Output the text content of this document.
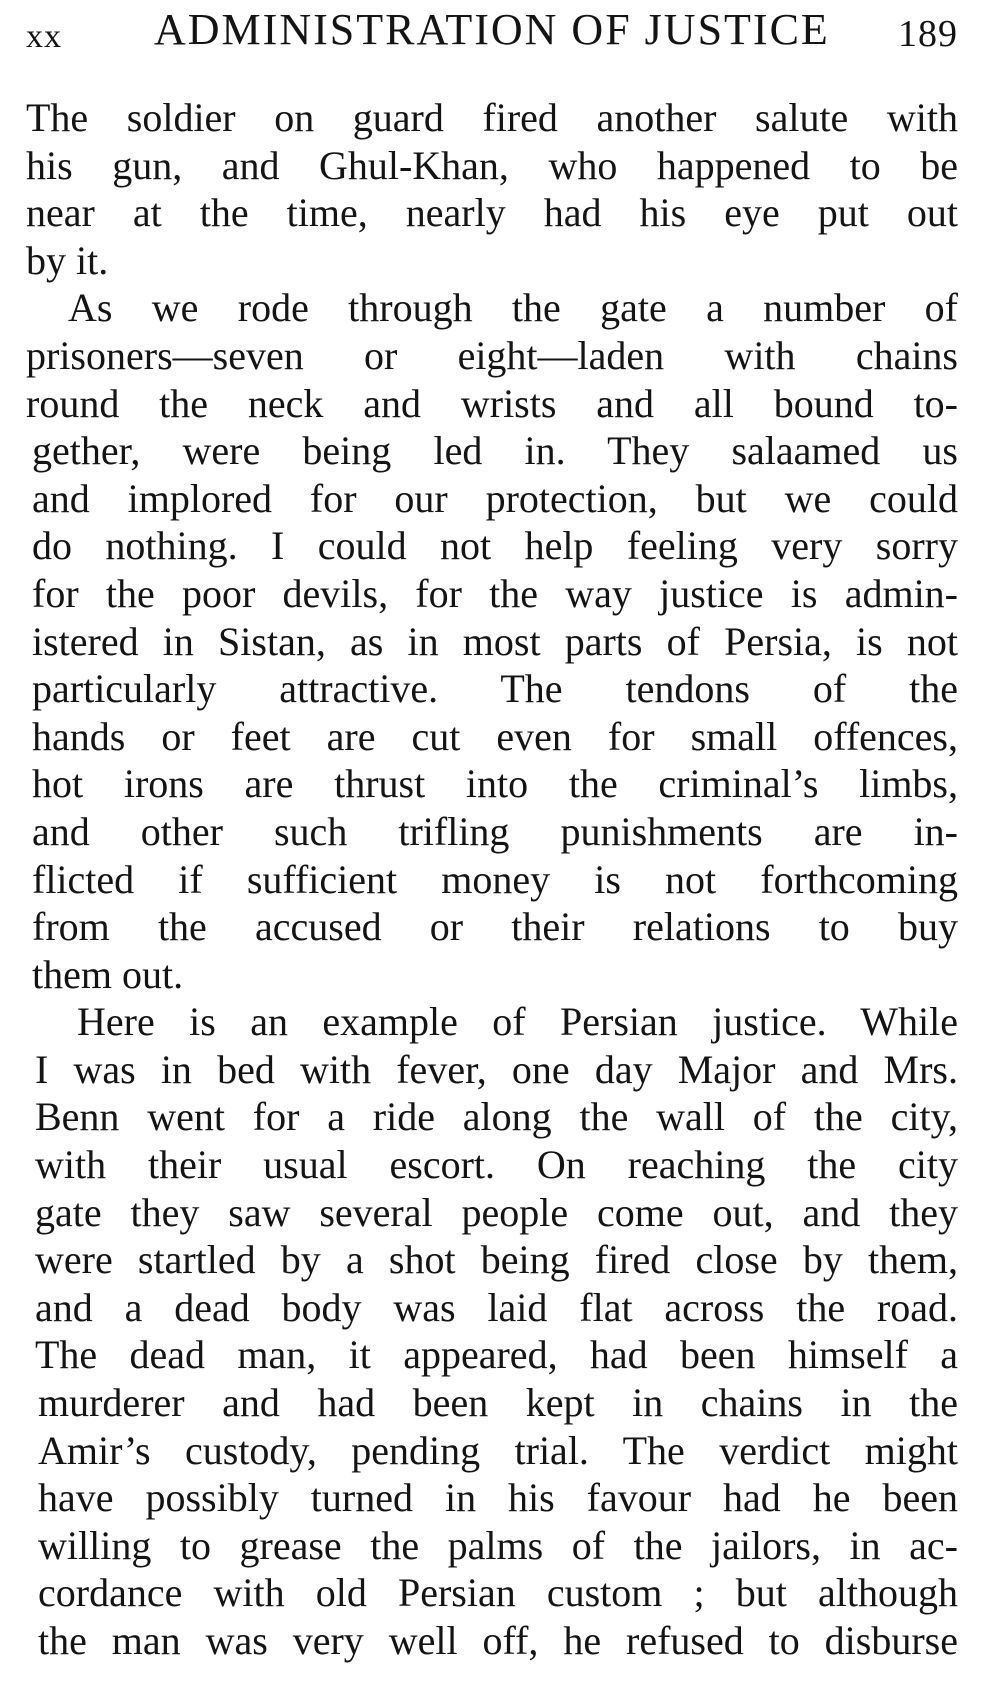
xx ADMINISTRATION OF JUSTICE 189

The soldier on guard fired another salute with
his gun, and Ghul-Khan, who happened to be
near at the time, nearly had his eye put out
by it.

As we rode through the gate a number of
prisoners—seven or eight—laden with chains
round the neck and wrists and all bound to-
gether, were being led in. They salaamed us
and implored for our protection, but we could
do nothing. I could not help feeling very sorry
for the poor devils, for the way justice is admin-
istered in Sistan, as in most parts of Persia, is not
particularly attractive. The tendons of the
hands or feet are cut even for small offences,
hot irons are thrust into the criminal’s limbs,
and other such trifling punishments are in-
flicted if sufficient money is not forthcoming
from the accused or their relations to buy
them out.

Here is an example of Persian justice. While
I was in bed with fever, one day Major and Mrs.
Benn went for a ride along the wall of the city,
with their usual escort. On reaching the city
gate they saw several people come out, and they
were startled by a shot being fired close by them,
and a dead body was laid flat across the road.
The dead man, it appeared, had been himself a
murderer and had been kept in chains in the
Amir’s custody, pending trial. The verdict might
have possibly turned in his favour had he been
willing to grease the palms of the jailors, in ac-
cordance with old Persian custom ; but although
the man was very well off, he refused to disburse
